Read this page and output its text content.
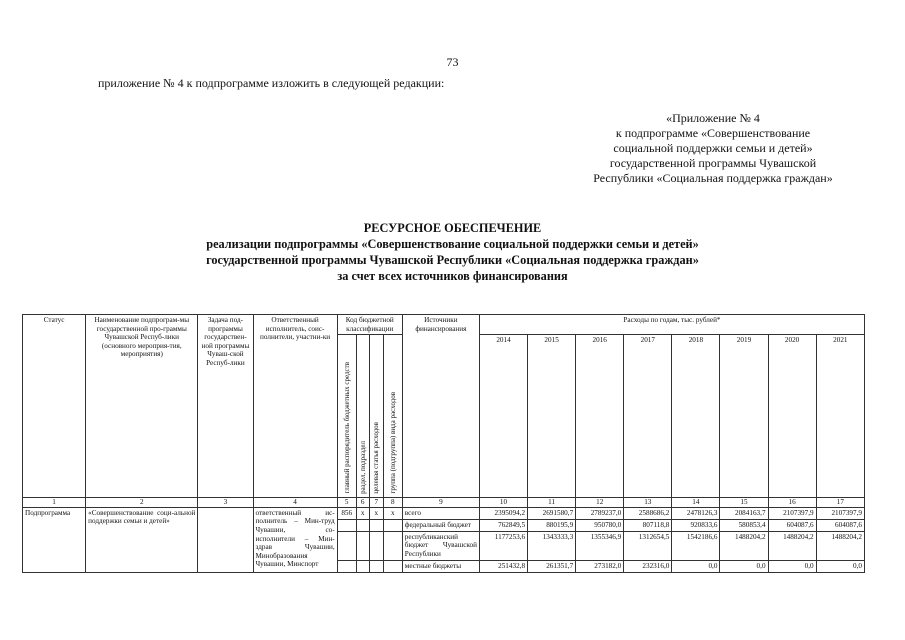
73
приложение № 4 к подпрограмме изложить в следующей редакции:
«Приложение № 4
к подпрограмме «Совершенствование
социальной поддержки семьи и детей»
государственной программы Чувашской
Республики «Социальная поддержка граждан»
РЕСУРСНОЕ ОБЕСПЕЧЕНИЕ
реализации подпрограммы «Совершенствование социальной поддержки семьи и детей»
государственной программы Чувашской Республики «Социальная поддержка граждан»
за счет всех источников финансирования
Статус	Наименование подпрограм-мы государственной про-граммы Чувашской Респуб-лики (основного мероприя-тия, мероприятия)	Задача под-программы государствен-ной программы Чуваш-ской Респуб-лики	Ответственный исполнитель, соис-полнители, участни-ки	Код бюджетной классификации				Источники финансирования	Расходы по годам, тыс. рублей*							
				главный распорядитель бюджетных средств	раздел, подраздел	целевая статья расходов	группа (подгруппа) вида расходов		2014	2015	2016	2017	2018	2019	2020	2021
1	2	3	4	5	6	7	8	9	10	11	12	13	14	15	16	17
Подпрограмма	«Совершенствование соци-альной поддержки семьи и детей»		ответственный ис-полнитель – Мин-труд Чувашии, со-исполнители – Мин-здрав Чувашии, Минобразования Чувашии, Минспорт	856	x	x	x	всего	2395094,2	2691580,7	2789237,0	2588686,2	2478126,3	2084163,7	2107397,9	2107397,9
								федеральный бюджет	762849,5	880195,9	950780,0	807118,8	920833,6	580853,4	604087,6	604087,6
								республиканский бюджет Чувашской Республики	1177253,6	1343333,3	1355346,9	1312654,5	1542186,6	1488204,2	1488204,2	1488204,2
								местные бюджеты	251432,8	261351,7	273182,0	232316,0	0,0	0,0	0,0	0,0
